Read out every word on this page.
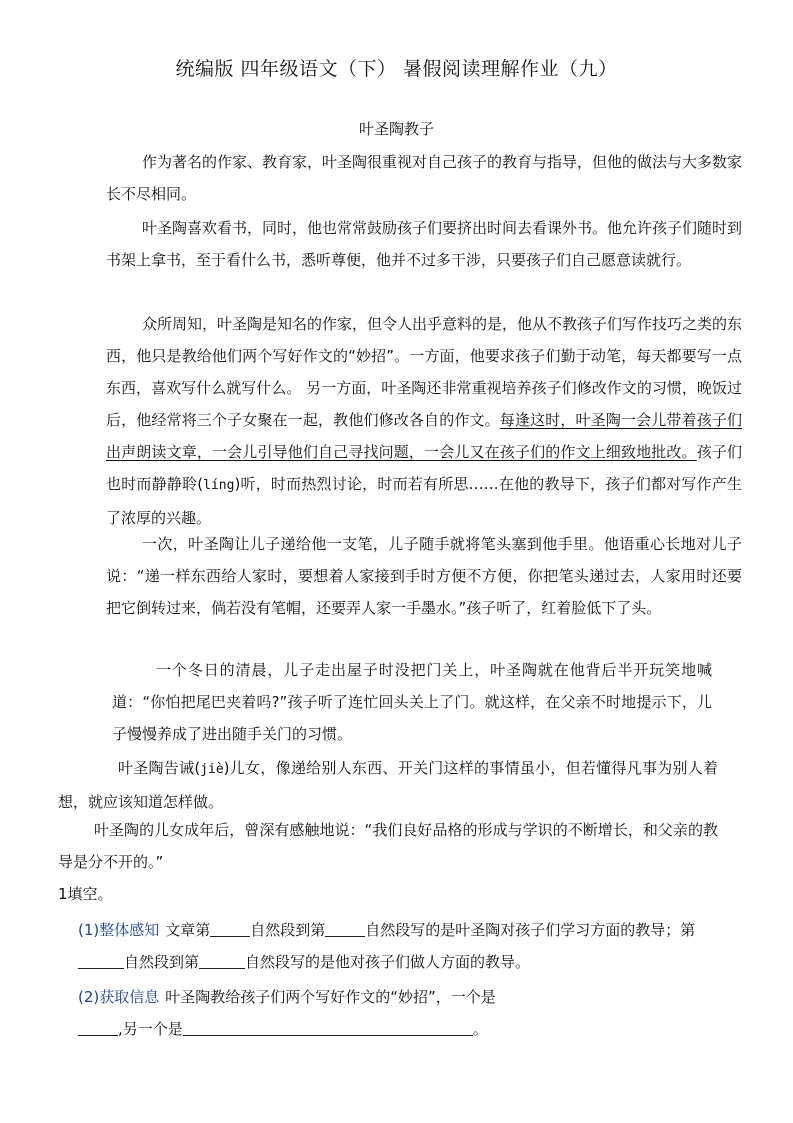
统编版 四年级语文（下） 暑假阅读理解作业（九）
叶圣陶教子

作为著名的作家、教育家，叶圣陶很重视对自己孩子的教育与指导，但他的做法与大多数家长不尽相同。

叶圣陶喜欢看书，同时，他也常常鼓励孩子们要挤出时间去看课外书。他允许孩子们随时到书架上拿书，至于看什么书，悉听尊便，他并不过多干涉，只要孩子们自己愿意读就行。

众所周知，叶圣陶是知名的作家，但令人出乎意料的是，他从不教孩子们写作技巧之类的东西，他只是教给他们两个写好作文的“妙招”。一方面，他要求孩子们勤于动笔，每天都要写一点东西，喜欢写什么就写什么。 另一方面，叶圣陶还非常重视培养孩子们修改作文的习惯，晚饭过后，他经常将三个子女聚在一起，教他们修改各自的作文。每逢这时，叶圣陶一会儿带着孩子们出声朗读文章，一会儿引导他们自己寻找问题，一会儿又在孩子们的作文上细致地批改。孩子们也时而静静聆(líng)听，时而热烈讨论，时而若有所思……在他的教导下，孩子们都对写作产生了浓厚的兴趣。

一次，叶圣陶让儿子递给他一支笔，儿子随手就将笔头塞到他手里。他语重心长地对儿子说：“递一样东西给人家时，要想着人家接到手时方便不方便，你把笔头递过去，人家用时还要把它倒转过来，倘若没有笔帽，还要弄人家一手墨水。”孩子听了，红着脸低下了头。

一个冬日的清晨，儿子走出屋子时没把门关上，叶圣陶就在他背后半开玩笑地喊道：“你怕把尾巴夹着吗?”孩子听了连忙回头关上了门。就这样，在父亲不时地提示下，儿子慢慢养成了进出随手关门的习惯。

叶圣陶告诫(jiè)儿女，像递给别人东西、开关门这样的事情虽小，但若懂得凡事为别人着想，就应该知道怎样做。

叶圣陶的儿女成年后，曾深有感触地说：“我们良好品格的形成与学识的不断增长，和父亲的教导是分不开的。”

1填空。

(1)整体感知 文章第	自然段到第	自然段写的是叶圣陶对孩子们学习方面的教导；第自然段到第	自然段写的是他对孩子们做人方面的教导。

(2)获取信息 叶圣陶教给孩子们两个写好作文的“妙招”，一个是
,另一个是	。
